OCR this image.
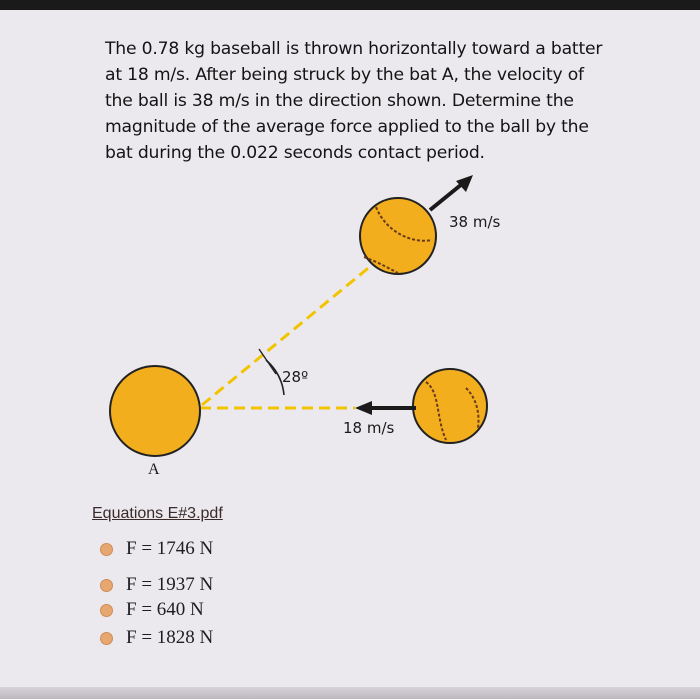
The 0.78 kg baseball is thrown horizontally toward a batter
at 18 m/s. After being struck by the bat A, the velocity of
the ball is 38 m/s in the direction shown. Determine the
magnitude of the average force applied to the ball by the
bat during the 0.022 seconds contact period.
38 m/s
28º
18 m/s
A
Equations E#3.pdf
F = 1746 N
F = 1937 N
F = 640 N
F = 1828 N
